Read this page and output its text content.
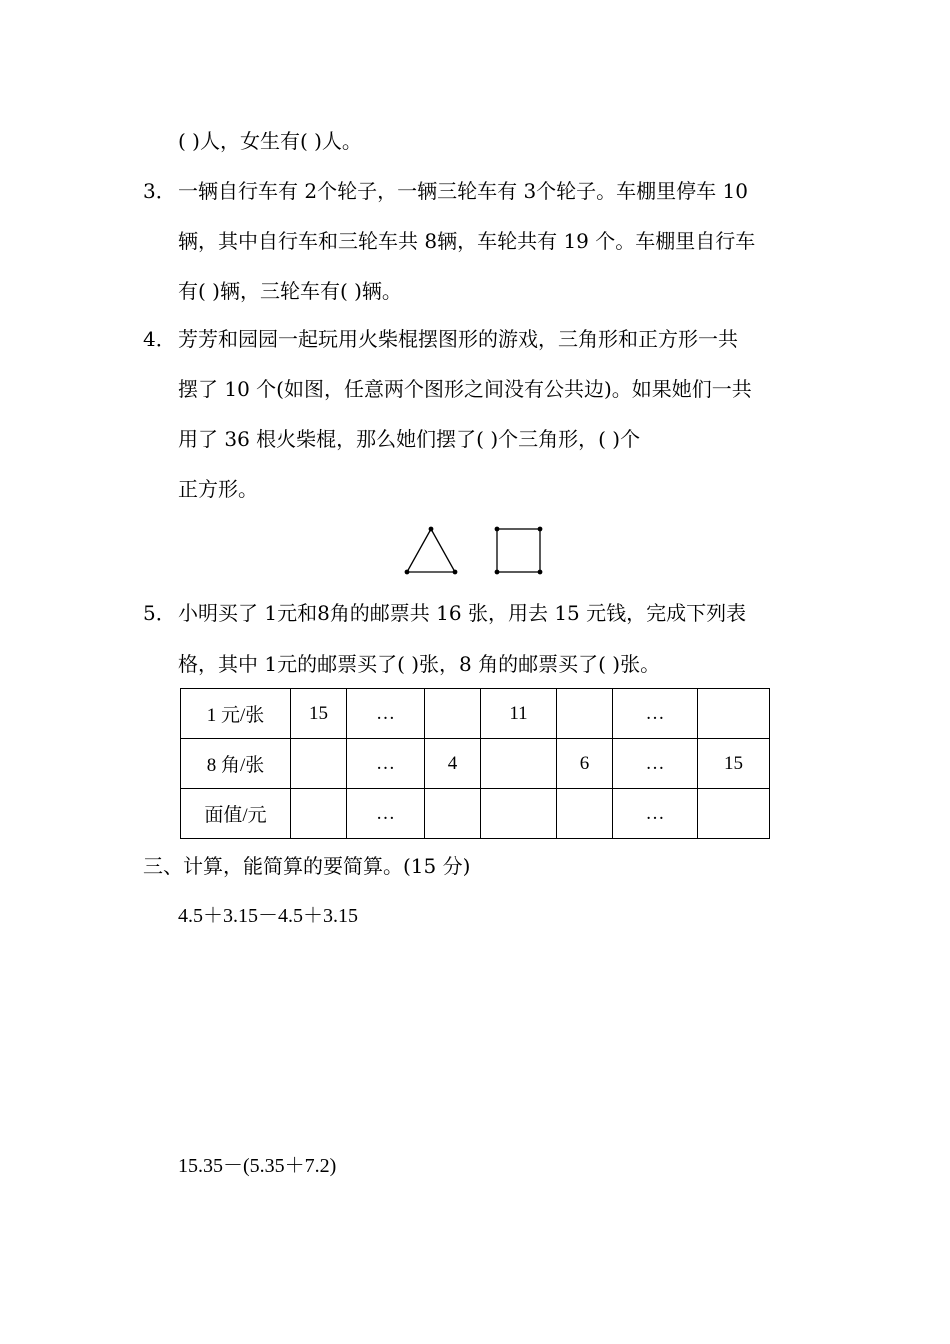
( )人，女生有( )人。
3． 一辆自行车有 2个轮子，一辆三轮车有 3个轮子。车棚里停车 10
辆，其中自行车和三轮车共 8辆，车轮共有 19 个。车棚里自行车
有( )辆，三轮车有( )辆。
4． 芳芳和园园一起玩用火柴棍摆图形的游戏，三角形和正方形一共
摆了 10 个(如图，任意两个图形之间没有公共边)。如果她们一共
用了 36 根火柴棍，那么她们摆了( )个三角形，( )个
正方形。
5． 小明买了 1元和8角的邮票共 16 张，用去 15 元钱，完成下列表
格，其中 1元的邮票买了( )张，8 角的邮票买了( )张。
1 元/张	15	…		11		…	
8 角/张		…	4		6	…	15
面值/元		…				…	
三、计算，能简算的要简算。(15 分)
4.5＋3.15－4.5＋3.15
15.35－(5.35＋7.2)
